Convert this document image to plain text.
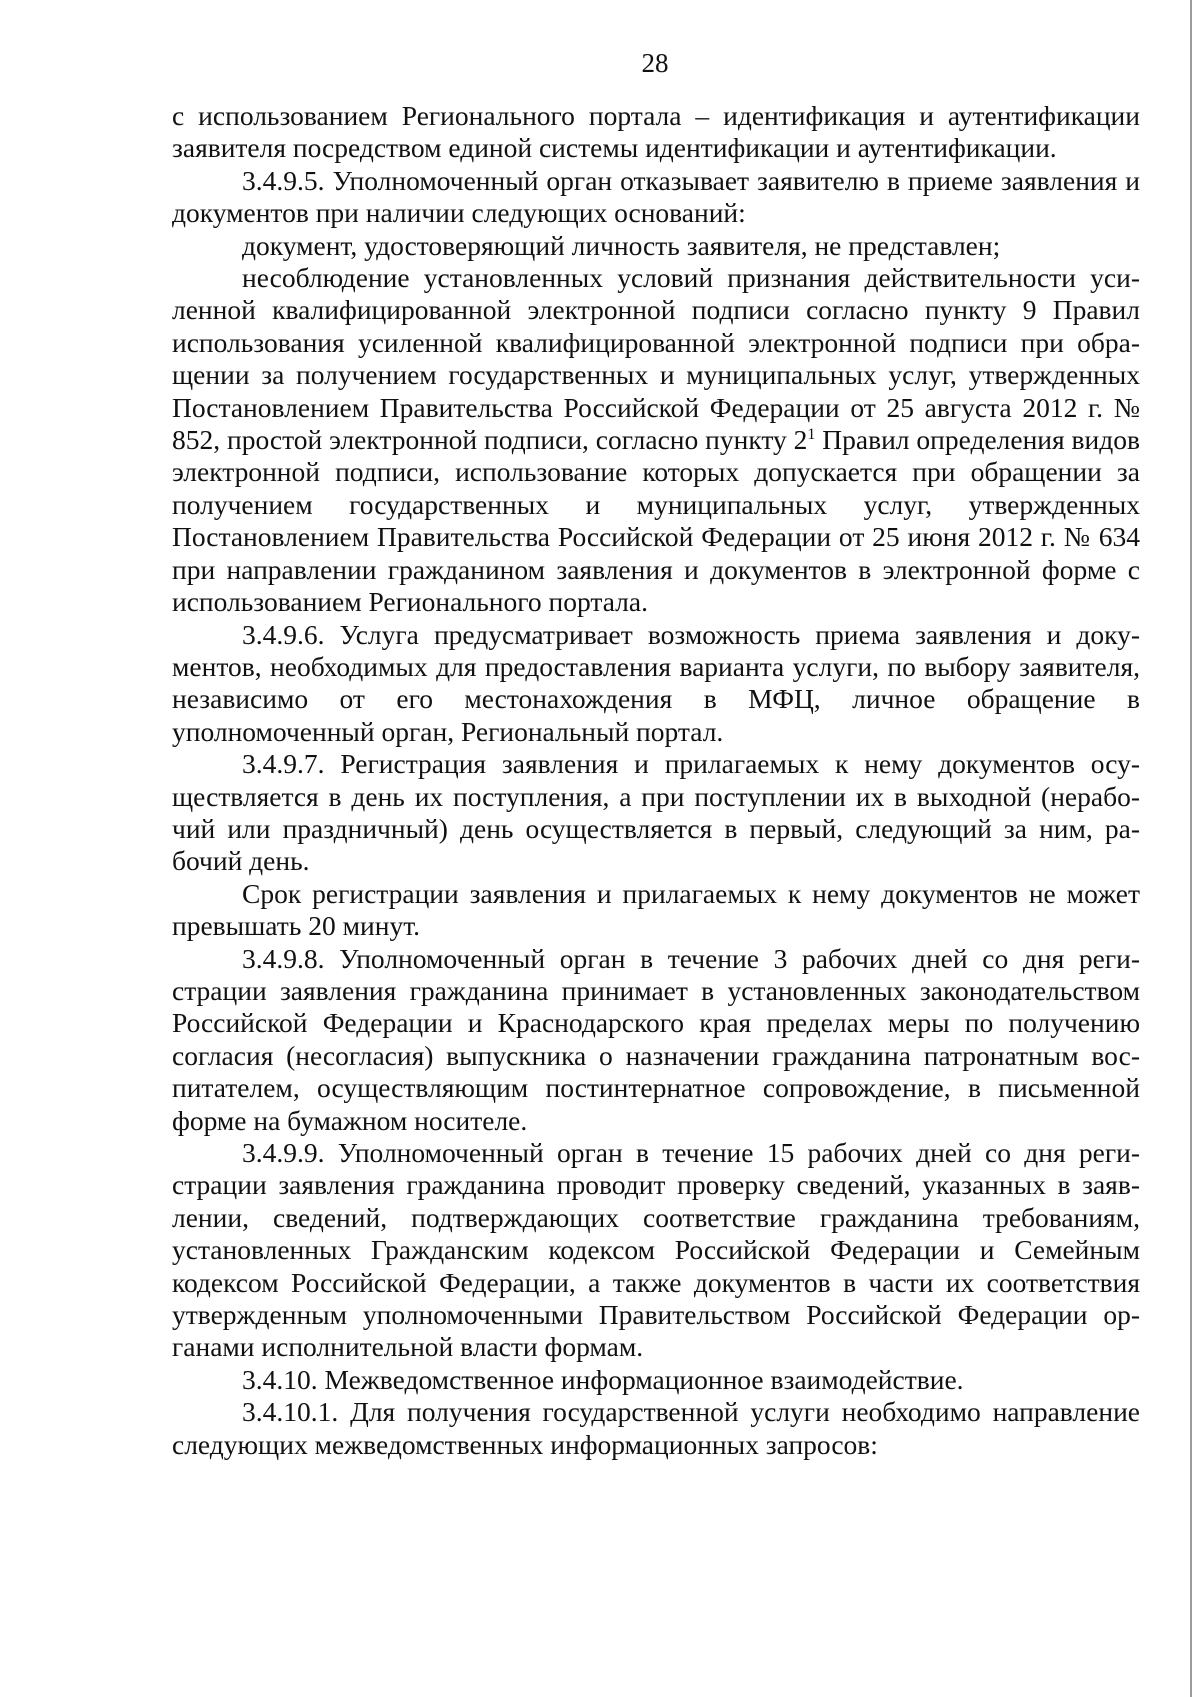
28

с использованием Регионального портала – идентификация и аутентификации заявителя посредством единой системы идентификации и аутентификации.

3.4.9.5. Уполномоченный орган отказывает заявителю в приеме заявления и документов при наличии следующих оснований:

документ, удостоверяющий личность заявителя, не представлен;

несоблюдение установленных условий признания действительности усиленной квалифицированной электронной подписи согласно пункту 9 Правил использования усиленной квалифицированной электронной подписи при обращении за получением государственных и муниципальных услуг, утвержденных Постановлением Правительства Российской Федерации от 25 августа 2012 г. № 852, простой электронной подписи, согласно пункту $2^1$ Правил определения видов электронной подписи, использование которых допускается при обращении за получением государственных и муниципальных услуг, утвержденных Постановлением Правительства Российской Федерации от 25 июня 2012 г. № 634 при направлении гражданином заявления и документов в электронной форме с использованием Регионального портала.

3.4.9.6. Услуга предусматривает возможность приема заявления и документов, необходимых для предоставления варианта услуги, по выбору заявителя, независимо от его местонахождения в МФЦ, личное обращение в уполномоченный орган, Региональный портал.

3.4.9.7. Регистрация заявления и прилагаемых к нему документов осуществляется в день их поступления, а при поступлении их в выходной (нерабочий или праздничный) день осуществляется в первый, следующий за ним, рабочий день.

Срок регистрации заявления и прилагаемых к нему документов не может превышать 20 минут.

3.4.9.8. Уполномоченный орган в течение 3 рабочих дней со дня регистрации заявления гражданина принимает в установленных законодательством Российской Федерации и Краснодарского края пределах меры по получению согласия (несогласия) выпускника о назначении гражданина патронатным воспитателем, осуществляющим постинтернатное сопровождение, в письменной форме на бумажном носителе.

3.4.9.9. Уполномоченный орган в течение 15 рабочих дней со дня регистрации заявления гражданина проводит проверку сведений, указанных в заявлении, сведений, подтверждающих соответствие гражданина требованиям, установленных Гражданским кодексом Российской Федерации и Семейным кодексом Российской Федерации, а также документов в части их соответствия утвержденным уполномоченными Правительством Российской Федерации органами исполнительной власти формам.

3.4.10. Межведомственное информационное взаимодействие.

3.4.10.1. Для получения государственной услуги необходимо направление следующих межведомственных информационных запросов:
